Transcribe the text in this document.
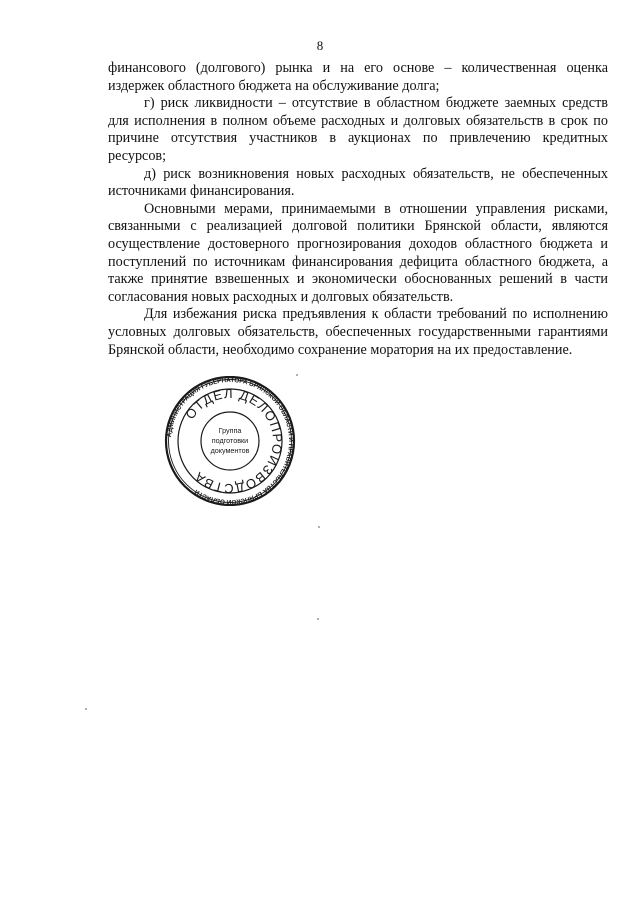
8

финансового (долгового) рынка и на его основе – количественная оценка издержек областного бюджета на обслуживание долга;

г) риск ликвидности – отсутствие в областном бюджете заемных средств для исполнения в полном объеме расходных и долговых обязательств в срок по причине отсутствия участников в аукционах по привлечению кредитных ресурсов;

д) риск возникновения новых расходных обязательств, не обеспеченных источниками финансирования.

Основными мерами, принимаемыми в отношении управления рисками, связанными с реализацией долговой политики Брянской области, являются осуществление достоверного прогнозирования доходов областного бюджета и поступлений по источникам финансирования дефицита областного бюджета, а также принятие взвешенных и экономически обоснованных решений в части согласования новых расходных и долговых обязательств.

Для избежания риска предъявления к области требований по исполнению условных долговых обязательств, обеспеченных государственными гарантиями Брянской области, необходимо сохранение моратория на их предоставление.

АДМИНИСТРАЦИЯ ГУБЕРНАТОРА БРЯНСКОЙ ОБЛАСТИ И ПРАВИТЕЛЬСТВА БРЯНСКОЙ ОБЛАСТИ
ОТДЕЛ ДЕЛОПРОИЗВОДСТВА
Группа
подготовки
документов
